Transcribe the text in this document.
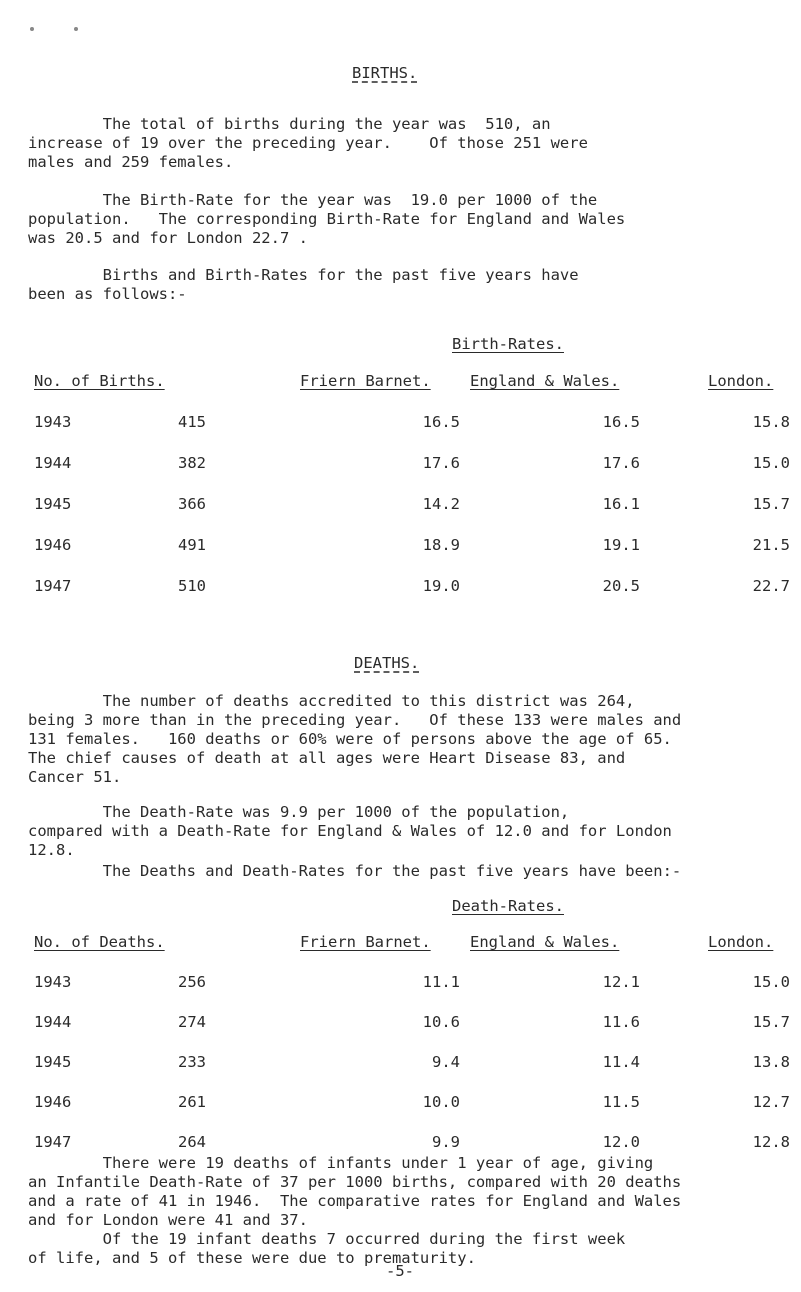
BIRTHS.
The total of births during the year was  510, an
increase of 19 over the preceding year.    Of those 251 were
males and 259 females.
The Birth-Rate for the year was  19.0 per 1000 of the
population.   The corresponding Birth-Rate for England and Wales
was 20.5 and for London 22.7 .
Births and Birth-Rates for the past five years have
been as follows:-
Birth-Rates.
No. of Births.	Friern Barnet.	England & Wales.	London.
1943	415	16.5	16.5	15.8
1944	382	17.6	17.6	15.0
1945	366	14.2	16.1	15.7
1946	491	18.9	19.1	21.5
1947	510	19.0	20.5	22.7
DEATHS.
The number of deaths accredited to this district was 264,
being 3 more than in the preceding year.   Of these 133 were males and
131 females.   160 deaths or 60% were of persons above the age of 65.
The chief causes of death at all ages were Heart Disease 83, and
Cancer 51.
The Death-Rate was 9.9 per 1000 of the population,
compared with a Death-Rate for England & Wales of 12.0 and for London
12.8.
The Deaths and Death-Rates for the past five years have been:-
Death-Rates.
No. of Deaths.	Friern Barnet.	England & Wales.	London.
1943	256	11.1	12.1	15.0
1944	274	10.6	11.6	15.7
1945	233	9.4	11.4	13.8
1946	261	10.0	11.5	12.7
1947	264	9.9	12.0	12.8
There were 19 deaths of infants under 1 year of age, giving
an Infantile Death-Rate of 37 per 1000 births, compared with 20 deaths
and a rate of 41 in 1946.  The comparative rates for England and Wales
and for London were 41 and 37.
Of the 19 infant deaths 7 occurred during the first week
of life, and 5 of these were due to prematurity.
-5-
